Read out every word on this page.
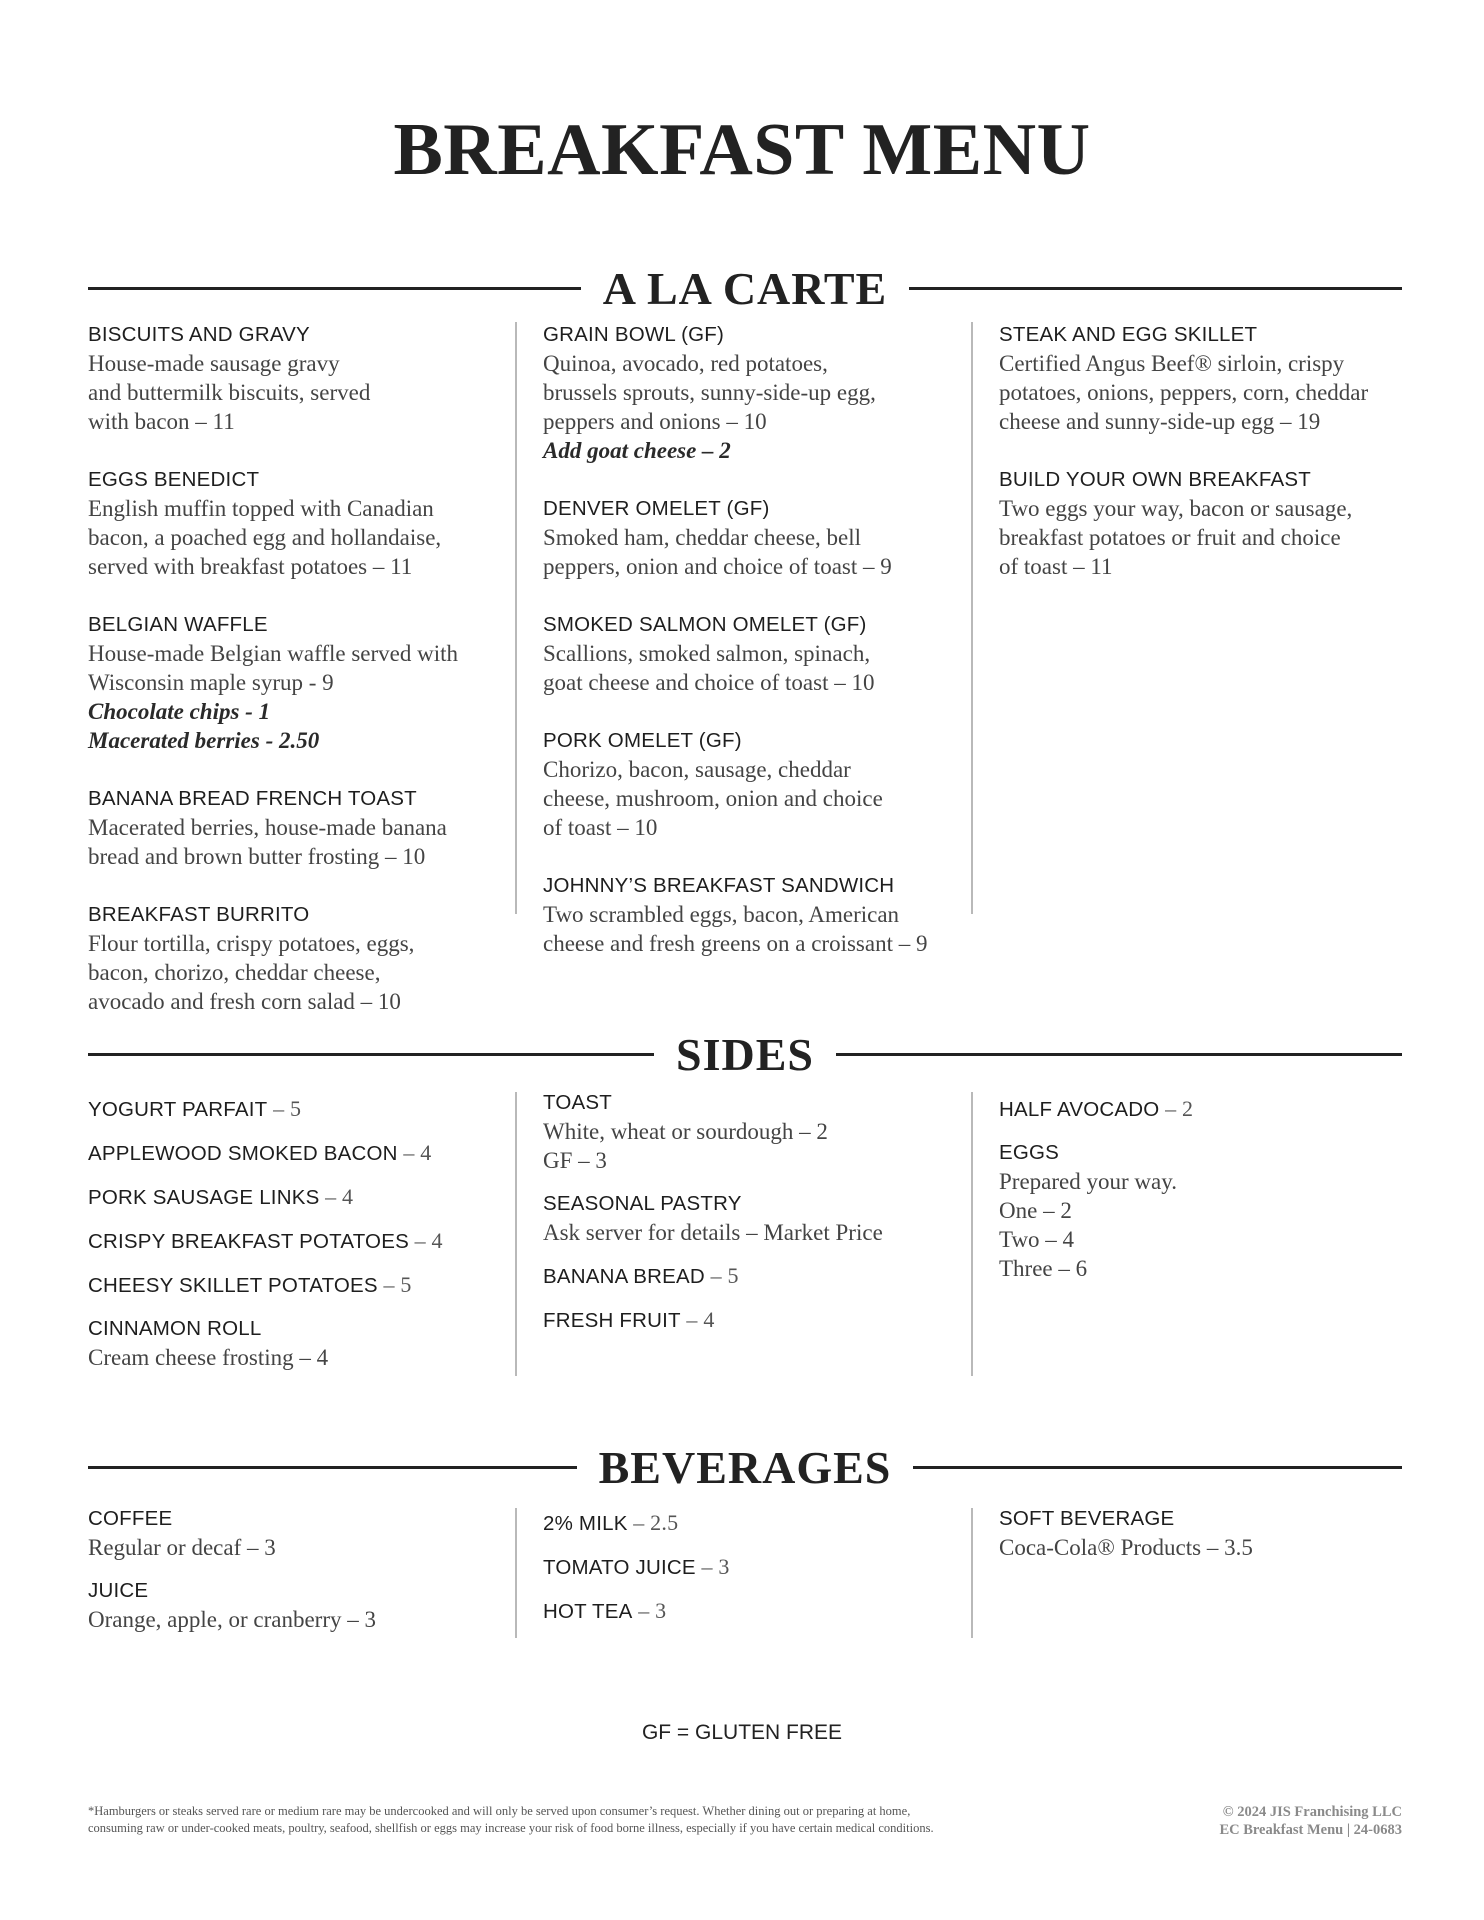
BREAKFAST MENU
A LA CARTE
BISCUITS AND GRAVY
House-made sausage gravy
and buttermilk biscuits, served
with bacon – 11
EGGS BENEDICT
English muffin topped with Canadian
bacon, a poached egg and hollandaise,
served with breakfast potatoes – 11
BELGIAN WAFFLE
House-made Belgian waffle served with
Wisconsin maple syrup - 9
Chocolate chips - 1
Macerated berries - 2.50
BANANA BREAD FRENCH TOAST
Macerated berries, house-made banana
bread and brown butter frosting – 10
BREAKFAST BURRITO
Flour tortilla, crispy potatoes, eggs,
bacon, chorizo, cheddar cheese,
avocado and fresh corn salad – 10
GRAIN BOWL (GF)
Quinoa, avocado, red potatoes,
brussels sprouts, sunny-side-up egg,
peppers and onions – 10
Add goat cheese – 2
DENVER OMELET (GF)
Smoked ham, cheddar cheese, bell
peppers, onion and choice of toast – 9
SMOKED SALMON OMELET (GF)
Scallions, smoked salmon, spinach,
goat cheese and choice of toast – 10
PORK OMELET (GF)
Chorizo, bacon, sausage, cheddar
cheese, mushroom, onion and choice
of toast – 10
JOHNNY’S BREAKFAST SANDWICH
Two scrambled eggs, bacon, American
cheese and fresh greens on a croissant – 9
STEAK AND EGG SKILLET
Certified Angus Beef® sirloin, crispy
potatoes, onions, peppers, corn, cheddar
cheese and sunny-side-up egg – 19
BUILD YOUR OWN BREAKFAST
Two eggs your way, bacon or sausage,
breakfast potatoes or fruit and choice
of toast – 11
SIDES
YOGURT PARFAIT – 5
APPLEWOOD SMOKED BACON – 4
PORK SAUSAGE LINKS – 4
CRISPY BREAKFAST POTATOES – 4
CHEESY SKILLET POTATOES – 5
CINNAMON ROLL
Cream cheese frosting – 4
TOAST
White, wheat or sourdough – 2
GF – 3
SEASONAL PASTRY
Ask server for details – Market Price
BANANA BREAD – 5
FRESH FRUIT – 4
HALF AVOCADO – 2
EGGS
Prepared your way.
One – 2
Two – 4
Three – 6
BEVERAGES
COFFEE
Regular or decaf – 3
JUICE
Orange, apple, or cranberry – 3
2% MILK – 2.5
TOMATO JUICE – 3
HOT TEA – 3
SOFT BEVERAGE
Coca-Cola® Products – 3.5
GF = GLUTEN FREE
*Hamburgers or steaks served rare or medium rare may be undercooked and will only be served upon consumer’s request. Whether dining out or preparing at home,
consuming raw or under-cooked meats, poultry, seafood, shellfish or eggs may increase your risk of food borne illness, especially if you have certain medical conditions.
© 2024 JIS Franchising LLC
EC Breakfast Menu | 24-0683
